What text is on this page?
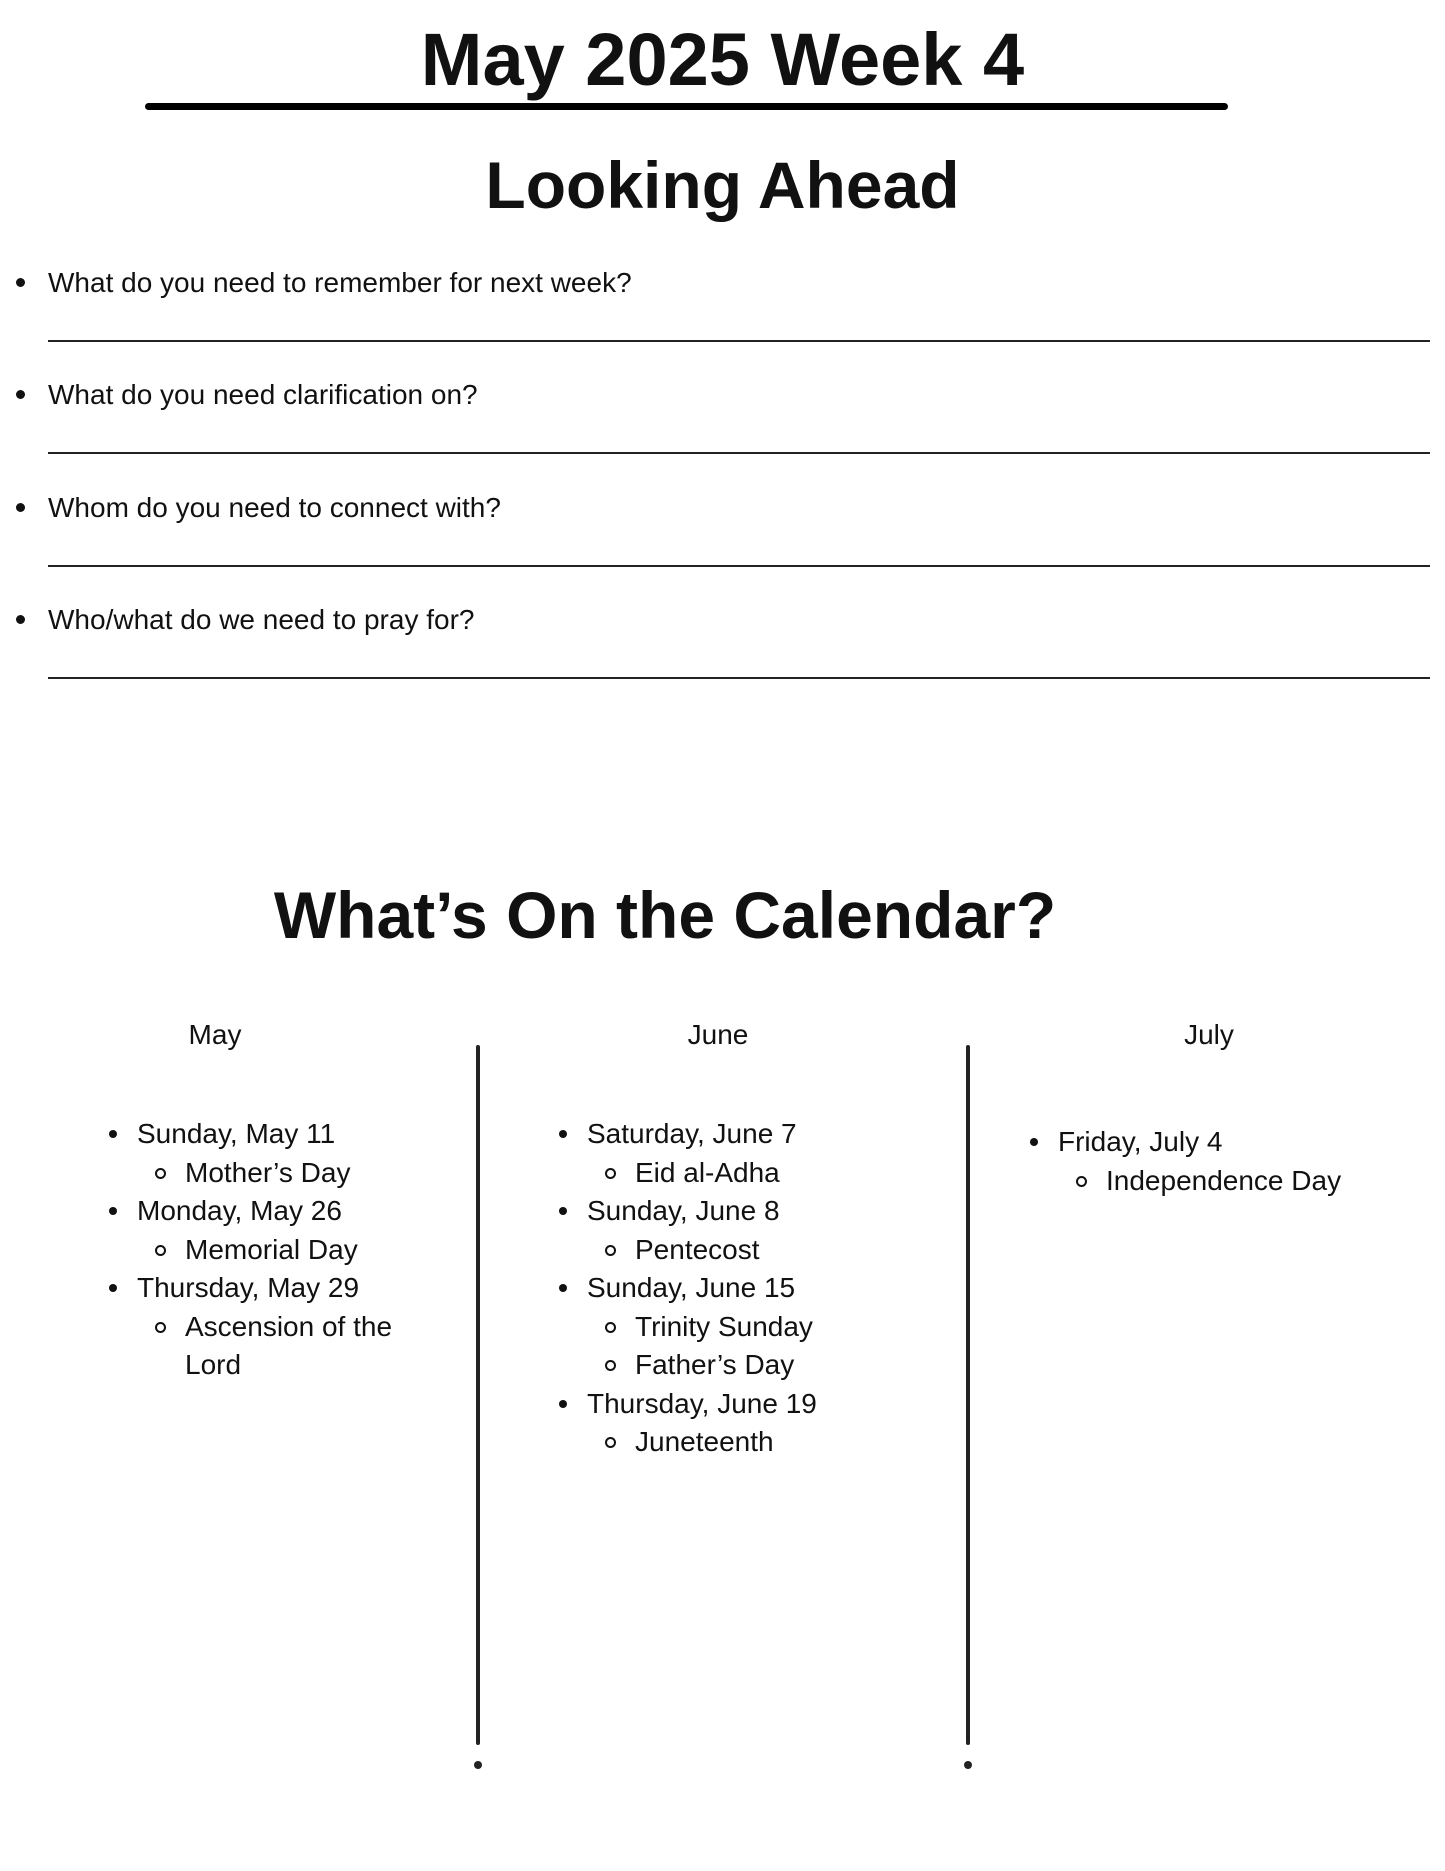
May 2025 Week 4
Looking Ahead
What do you need to remember for next week?
What do you need clarification on?
Whom do you need to connect with?
Who/what do we need to pray for?
What’s On the Calendar?
May	June	July
Sunday, May 11
Mother’s Day
Monday, May 26
Memorial Day
Thursday, May 29
Ascension of the Lord
Saturday, June 7
Eid al-Adha
Sunday, June 8
Pentecost
Sunday, June 15
Trinity Sunday
Father’s Day
Thursday, June 19
Juneteenth
Friday, July 4
Independence Day
